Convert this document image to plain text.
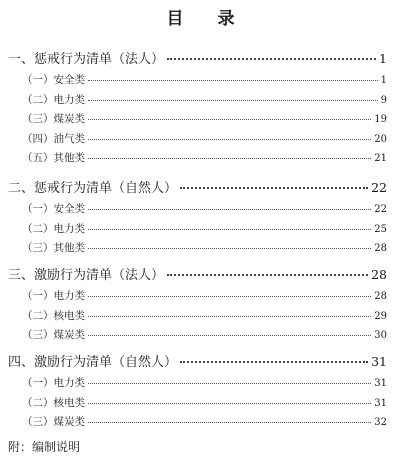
目 录
一、惩戒行为清单（法人）	1
（一）安全类	1
（二）电力类	9
（三）煤炭类	19
（四）油气类	20
（五）其他类	21
二、惩戒行为清单（自然人）	22
（一）安全类	22
（二）电力类	25
（三）其他类	28
三、激励行为清单（法人）	28
（一）电力类	28
（二）核电类	29
（三）煤炭类	30
四、激励行为清单（自然人）	31
（一）电力类	31
（二）核电类	31
（三）煤炭类	32
附：编制说明
